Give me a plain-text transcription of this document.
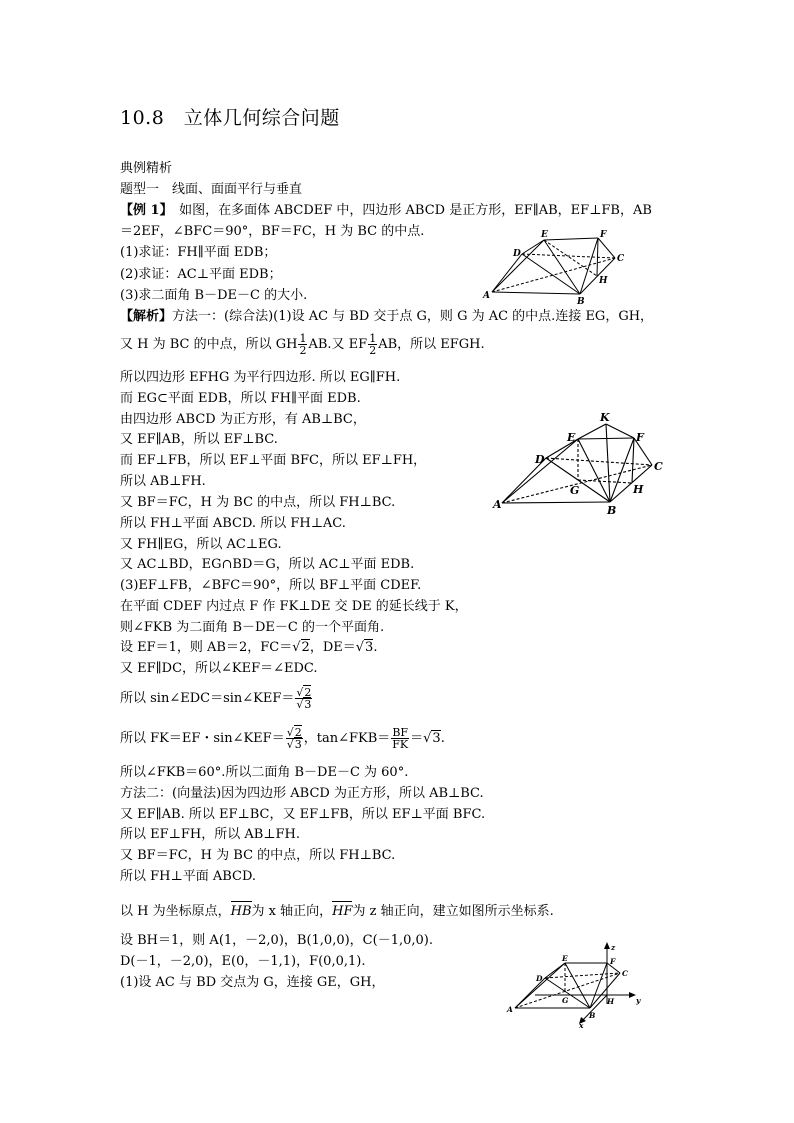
10.8　立体几何综合问题
典例精析
题型一　线面、面面平行与垂直
【例 1】　如图，在多面体 ABCDEF 中，四边形 ABCD 是正方形，EF∥AB，EF⊥FB，AB
＝2EF，∠BFC＝90°，BF＝FC，H 为 BC 的中点.
(1)求证：FH∥平面 EDB；
(2)求证：AC⊥平面 EDB；
(3)求二面角 B－DE－C 的大小.
【解析】方法一：(综合法)(1)设 AC 与 BD 交于点 G，则 G 为 AC 的中点.连接 EG，GH，
又 H 为 BC 的中点，所以 GH $\frac{1}{2}$ AB.又 EF $\frac{1}{2}$ AB，所以 EFGH.
所以四边形 EFHG 为平行四边形. 所以 EG∥FH.
而 EG⊂平面 EDB，所以 FH∥平面 EDB.
由四边形 ABCD 为正方形，有 AB⊥BC，
又 EF∥AB，所以 EF⊥BC.
而 EF⊥FB，所以 EF⊥平面 BFC，所以 EF⊥FH，
所以 AB⊥FH.
又 BF＝FC，H 为 BC 的中点，所以 FH⊥BC.
所以 FH⊥平面 ABCD. 所以 FH⊥AC.
又 FH∥EG，所以 AC⊥EG.
又 AC⊥BD，EG∩BD＝G，所以 AC⊥平面 EDB.
(3)EF⊥FB，∠BFC＝90°，所以 BF⊥平面 CDEF.
在平面 CDEF 内过点 F 作 FK⊥DE 交 DE 的延长线于 K，
则∠FKB 为二面角 B－DE－C 的一个平面角.
设 EF＝1，则 AB＝2，FC＝√2，DE＝√3.
又 EF∥DC，所以∠KEF＝∠EDC.
所以 sin∠EDC＝sin∠KEF＝ $\frac{√2}{√3}$
所以 FK＝EF・sin∠KEF＝ $\frac{√2}{√3}$ ，tan∠FKB＝ $\frac{BF}{FK} =√3$.
所以∠FKB＝60°.所以二面角 B－DE－C 为 60°.
方法二：(向量法)因为四边形 ABCD 为正方形，所以 AB⊥BC.
又 EF∥AB. 所以 EF⊥BC，又 EF⊥FB，所以 EF⊥平面 BFC.
所以 EF⊥FH，所以 AB⊥FH.
又 BF＝FC，H 为 BC 的中点，所以 FH⊥BC.
所以 FH⊥平面 ABCD.
以 H 为坐标原点，HB为 x 轴正向，HF为 z 轴正向，建立如图所示坐标系.
设 BH＝1，则 A(1，－2,0)，B(1,0,0)，C(－1,0,0).
D(－1，－2,0)，E(0，－1,1)，F(0,0,1).
(1)设 AC 与 BD 交点为 G，连接 GE，GH，
A
B
C
D
E	F
H
A	B
C
D
E	F
G	H
K
A
B
C
D
E	F
G	H
x
y
z
